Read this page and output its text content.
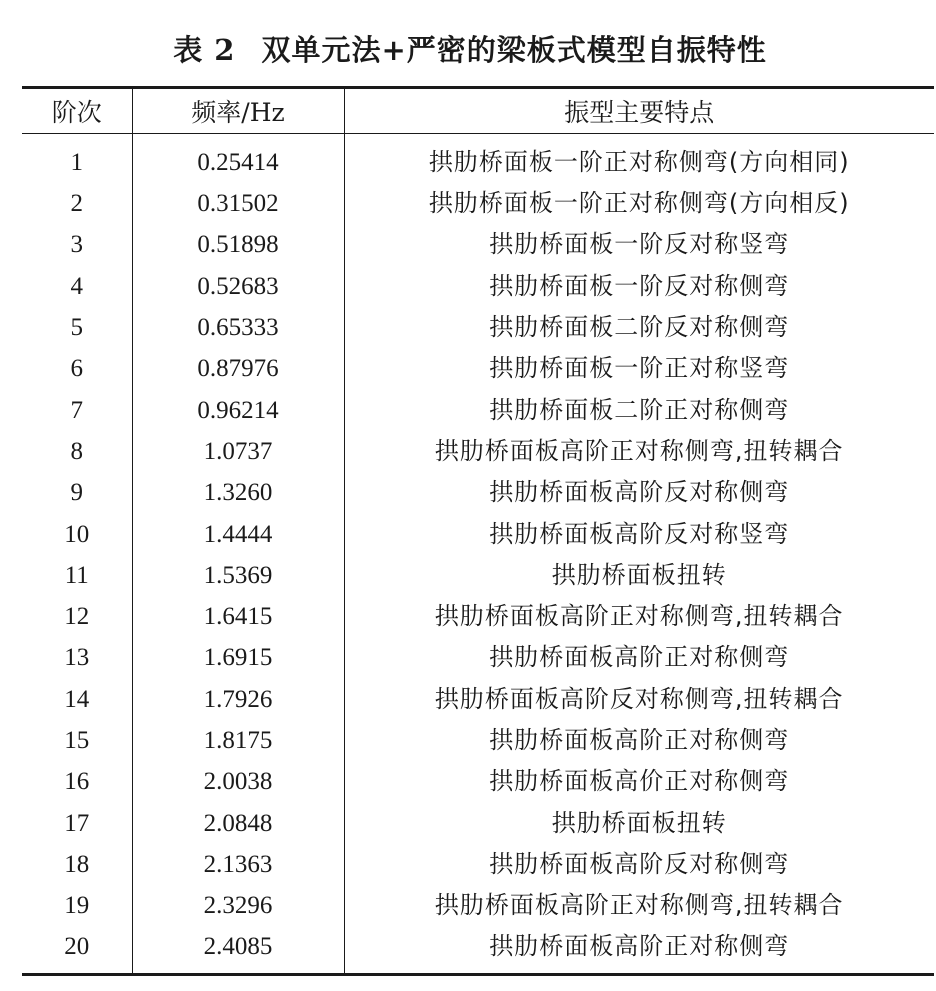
表 2 双单元法+严密的梁板式模型自振特性
阶次	频率/Hz	振型主要特点
1	0.25414	拱肋桥面板一阶正对称侧弯(方向相同)
2	0.31502	拱肋桥面板一阶正对称侧弯(方向相反)
3	0.51898	拱肋桥面板一阶反对称竖弯
4	0.52683	拱肋桥面板一阶反对称侧弯
5	0.65333	拱肋桥面板二阶反对称侧弯
6	0.87976	拱肋桥面板一阶正对称竖弯
7	0.96214	拱肋桥面板二阶正对称侧弯
8	1.0737	拱肋桥面板高阶正对称侧弯,扭转耦合
9	1.3260	拱肋桥面板高阶反对称侧弯
10	1.4444	拱肋桥面板高阶反对称竖弯
11	1.5369	拱肋桥面板扭转
12	1.6415	拱肋桥面板高阶正对称侧弯,扭转耦合
13	1.6915	拱肋桥面板高阶正对称侧弯
14	1.7926	拱肋桥面板高阶反对称侧弯,扭转耦合
15	1.8175	拱肋桥面板高阶正对称侧弯
16	2.0038	拱肋桥面板高价正对称侧弯
17	2.0848	拱肋桥面板扭转
18	2.1363	拱肋桥面板高阶反对称侧弯
19	2.3296	拱肋桥面板高阶正对称侧弯,扭转耦合
20	2.4085	拱肋桥面板高阶正对称侧弯
